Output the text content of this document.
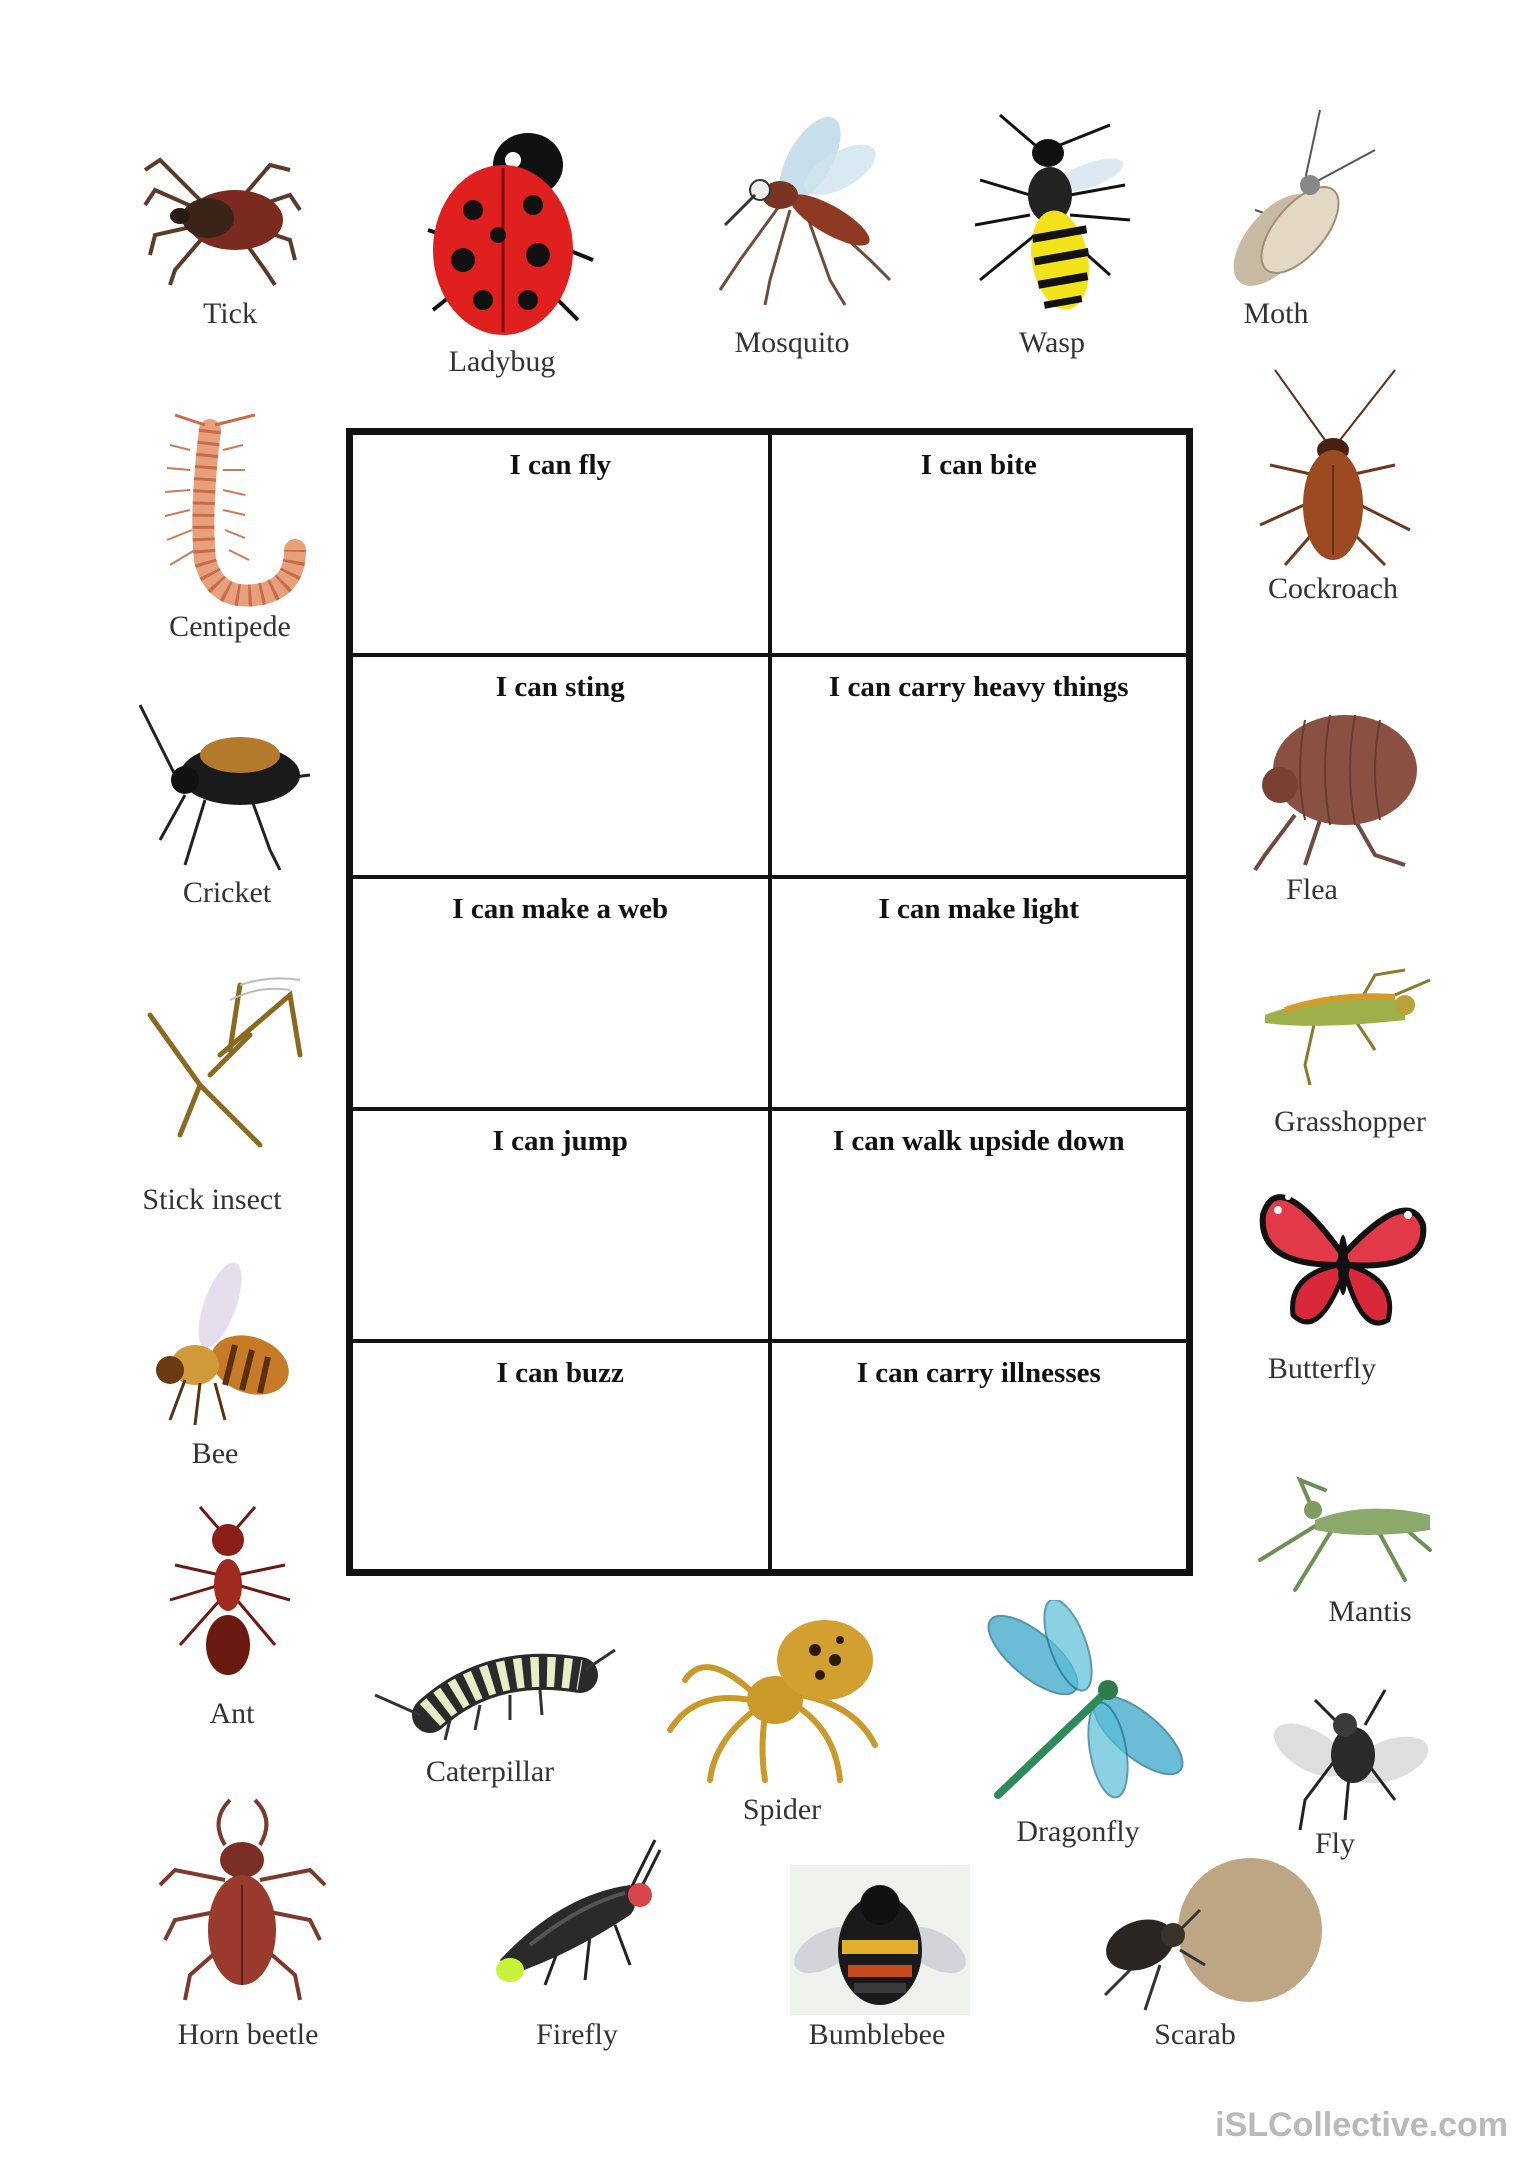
Tick
Ladybug
Mosquito	Wasp
Moth
Centipede
Cricket
Stick insect
Bee
Ant
Horn beetle
Cockroach
Flea
Grasshopper
Butterfly
Mantis
Fly
Caterpillar
Spider
Dragonfly
Firefly	Bumblebee	Scarab
I can fly	I can bite
I can sting	I can carry heavy things
I can make a web	I can make light
I can jump	I can walk upside down
I can buzz	I can carry illnesses
iSLCollective.com
